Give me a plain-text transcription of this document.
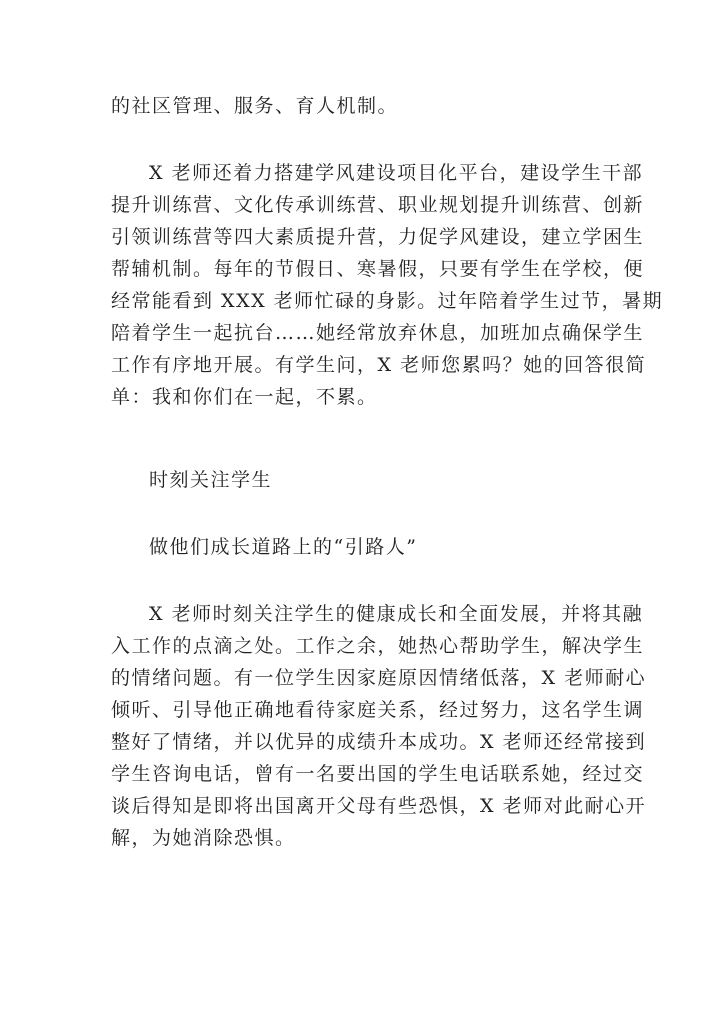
的社区管理、服务、育人机制。
X 老师还着力搭建学风建设项目化平台，建设学生干部
提升训练营、文化传承训练营、职业规划提升训练营、创新
引领训练营等四大素质提升营，力促学风建设，建立学困生
帮辅机制。每年的节假日、寒暑假，只要有学生在学校，便
经常能看到 XXX 老师忙碌的身影。过年陪着学生过节，暑期
陪着学生一起抗台……她经常放弃休息，加班加点确保学生
工作有序地开展。有学生问，X 老师您累吗？她的回答很简
单：我和你们在一起，不累。

时刻关注学生

做他们成长道路上的“引路人”

X 老师时刻关注学生的健康成长和全面发展，并将其融
入工作的点滴之处。工作之余，她热心帮助学生，解决学生
的情绪问题。有一位学生因家庭原因情绪低落，X 老师耐心
倾听、引导他正确地看待家庭关系，经过努力，这名学生调
整好了情绪，并以优异的成绩升本成功。X 老师还经常接到
学生咨询电话，曾有一名要出国的学生电话联系她，经过交
谈后得知是即将出国离开父母有些恐惧，X 老师对此耐心开
解，为她消除恐惧。
